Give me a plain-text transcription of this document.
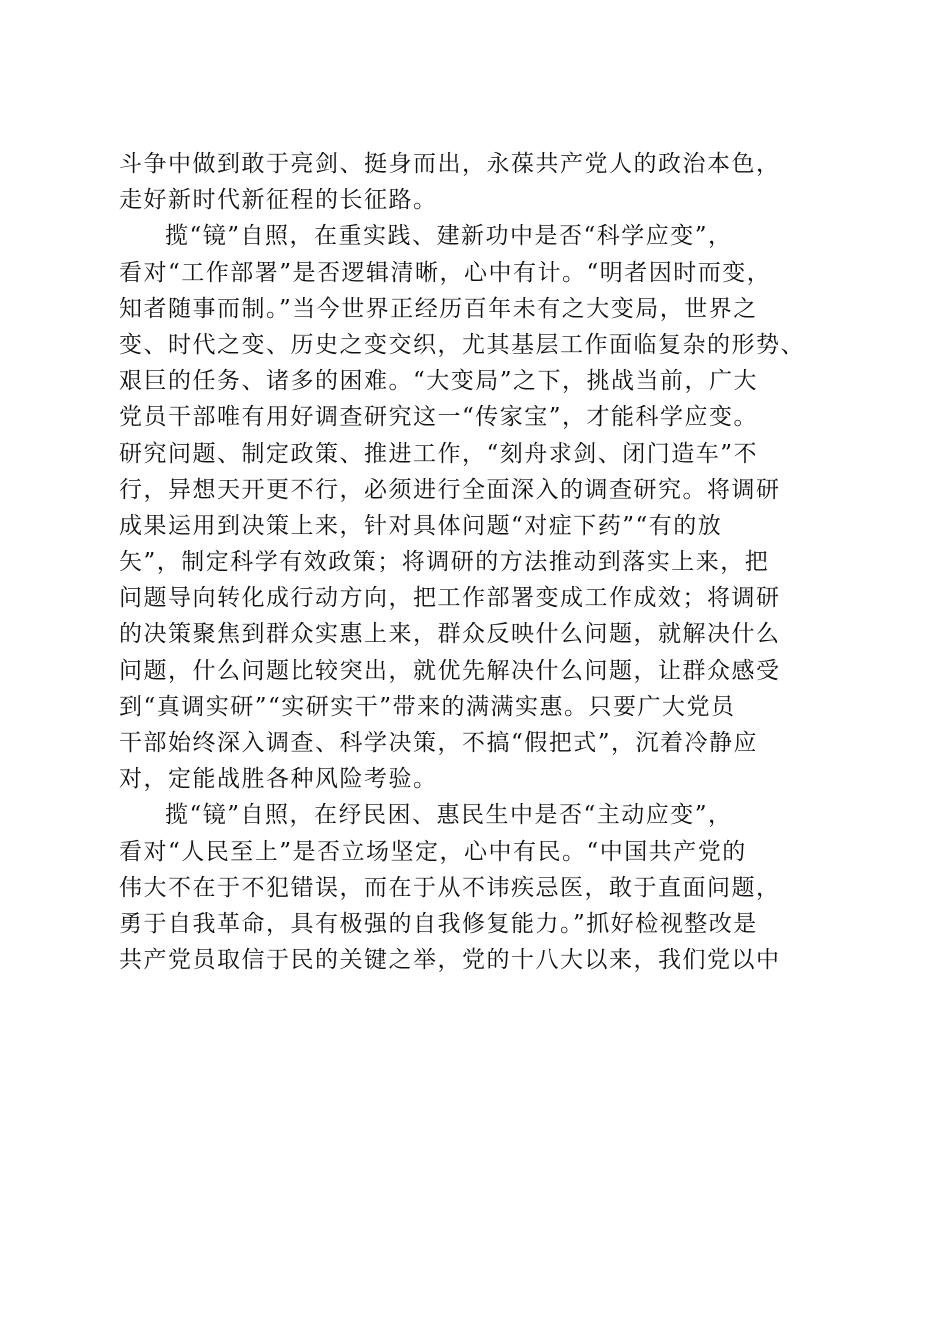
斗争中做到敢于亮剑、挺身而出，永葆共产党人的政治本色，
走好新时代新征程的长征路。
揽“镜”自照，在重实践、建新功中是否“科学应变”，
看对“工作部署”是否逻辑清晰，心中有计。“明者因时而变，
知者随事而制。”当今世界正经历百年未有之大变局，世界之
变、时代之变、历史之变交织，尤其基层工作面临复杂的形势、
艰巨的任务、诸多的困难。“大变局”之下，挑战当前，广大
党员干部唯有用好调查研究这一“传家宝”，才能科学应变。
研究问题、制定政策、推进工作，“刻舟求剑、闭门造车”不
行，异想天开更不行，必须进行全面深入的调查研究。将调研
成果运用到决策上来，针对具体问题“对症下药”“有的放
矢”，制定科学有效政策；将调研的方法推动到落实上来，把
问题导向转化成行动方向，把工作部署变成工作成效；将调研
的决策聚焦到群众实惠上来，群众反映什么问题，就解决什么
问题，什么问题比较突出，就优先解决什么问题，让群众感受
到“真调实研”“实研实干”带来的满满实惠。只要广大党员
干部始终深入调查、科学决策，不搞“假把式”，沉着冷静应
对，定能战胜各种风险考验。
揽“镜”自照，在纾民困、惠民生中是否“主动应变”，
看对“人民至上”是否立场坚定，心中有民。“中国共产党的
伟大不在于不犯错误，而在于从不讳疾忌医，敢于直面问题，
勇于自我革命，具有极强的自我修复能力。”抓好检视整改是
共产党员取信于民的关键之举，党的十八大以来，我们党以中
